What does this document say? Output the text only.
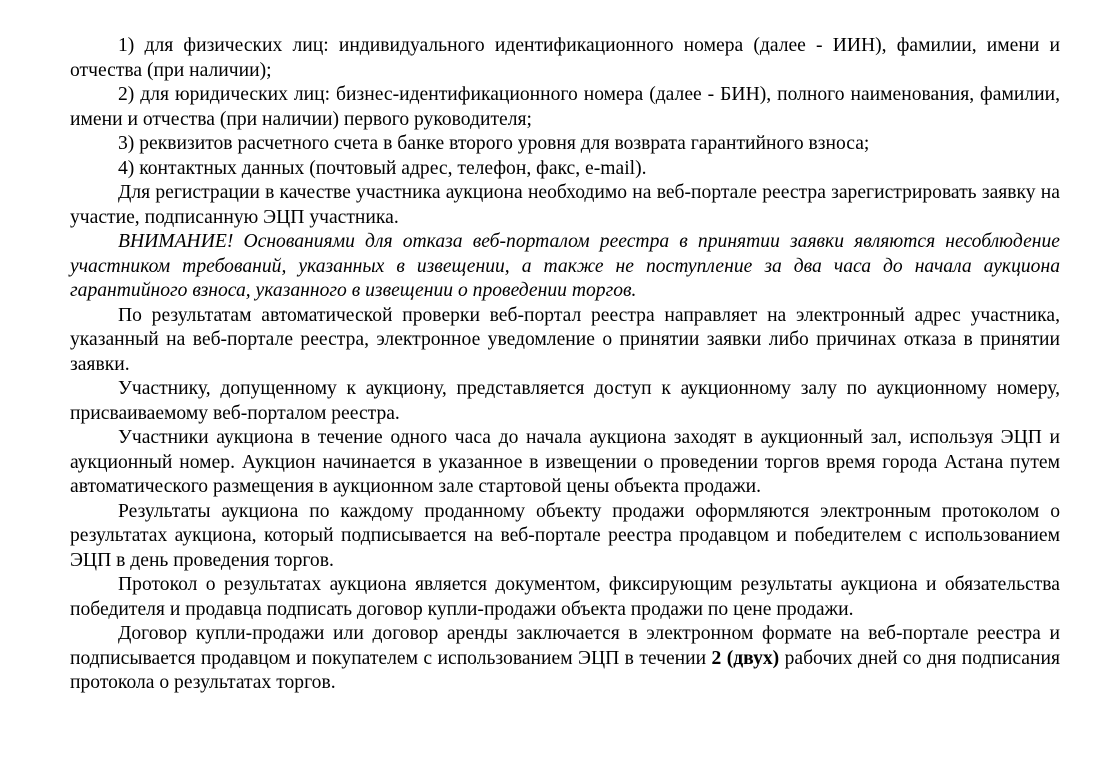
1) для физических лиц: индивидуального идентификационного номера (далее - ИИН), фамилии, имени и отчества (при наличии);

2) для юридических лиц: бизнес-идентификационного номера (далее - БИН), полного наименования, фамилии, имени и отчества (при наличии) первого руководителя;

3) реквизитов расчетного счета в банке второго уровня для возврата гарантийного взноса;

4) контактных данных (почтовый адрес, телефон, факс, e-mail).

Для регистрации в качестве участника аукциона необходимо на веб-портале реестра зарегистрировать заявку на участие, подписанную ЭЦП участника.

ВНИМАНИЕ! Основаниями для отказа веб-порталом реестра в принятии заявки являются несоблюдение участником требований, указанных в извещении, а также не поступление за два часа до начала аукциона гарантийного взноса, указанного в извещении о проведении торгов.

По результатам автоматической проверки веб-портал реестра направляет на электронный адрес участника, указанный на веб-портале реестра, электронное уведомление о принятии заявки либо причинах отказа в принятии заявки.

Участнику, допущенному к аукциону, представляется доступ к аукционному залу по аукционному номеру, присваиваемому веб-порталом реестра.

Участники аукциона в течение одного часа до начала аукциона заходят в аукционный зал, используя ЭЦП и аукционный номер. Аукцион начинается в указанное в извещении о проведении торгов время города Астана путем автоматического размещения в аукционном зале стартовой цены объекта продажи.

Результаты аукциона по каждому проданному объекту продажи оформляются электронным протоколом о результатах аукциона, который подписывается на веб-портале реестра продавцом и победителем с использованием ЭЦП в день проведения торгов.

Протокол о результатах аукциона является документом, фиксирующим результаты аукциона и обязательства победителя и продавца подписать договор купли-продажи объекта продажи по цене продажи.

Договор купли-продажи или договор аренды заключается в электронном формате на веб-портале реестра и подписывается продавцом и покупателем с использованием ЭЦП в течении 2 (двух) рабочих дней со дня подписания протокола о результатах торгов.
